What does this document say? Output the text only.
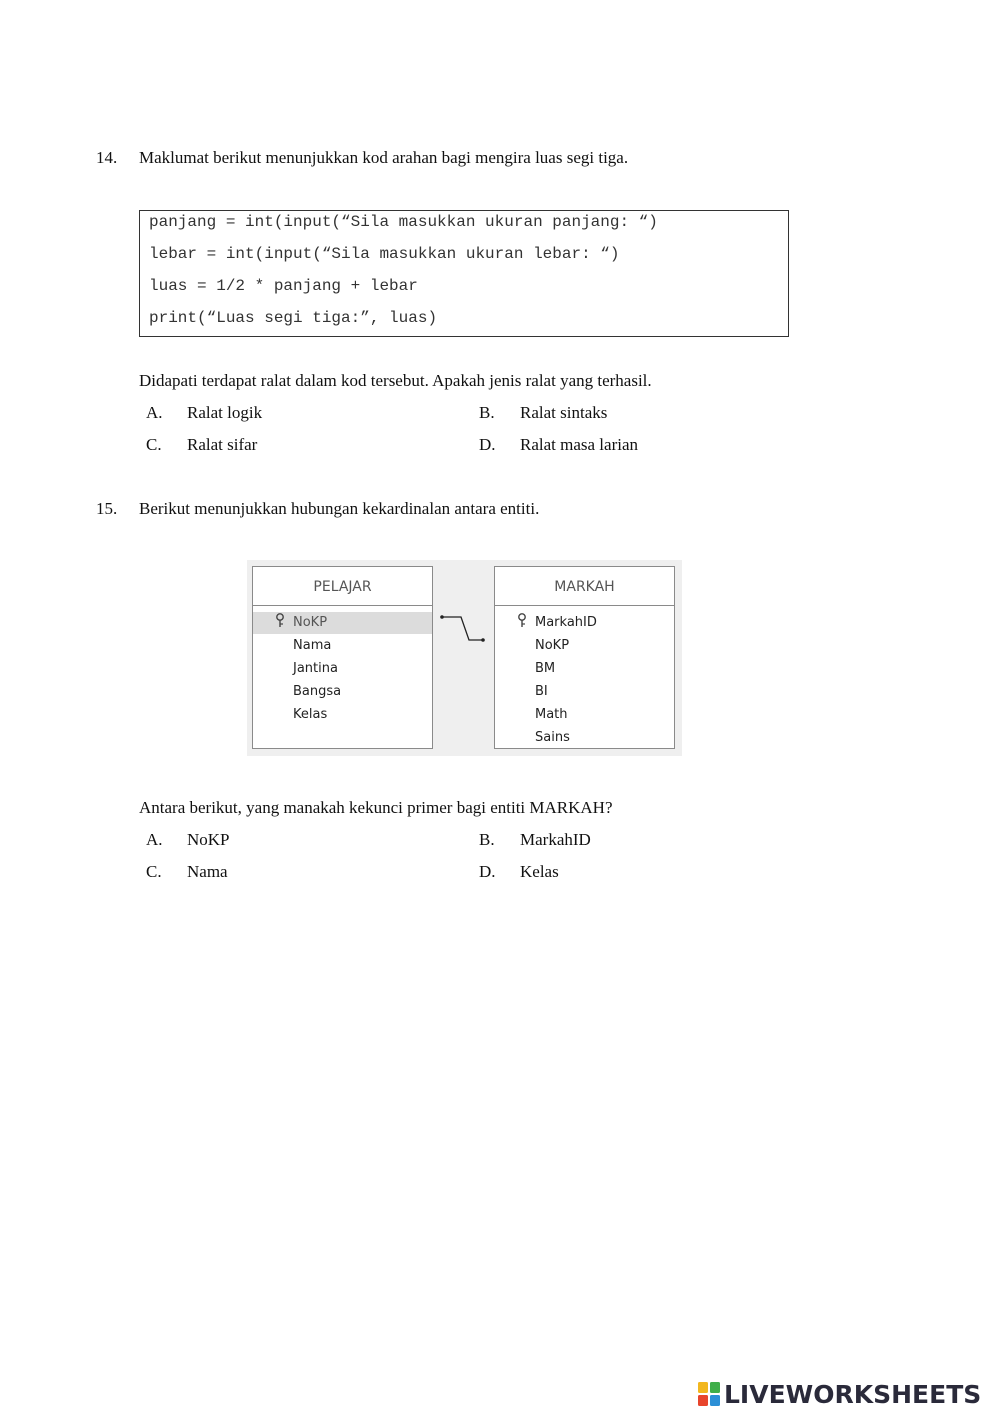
14. Maklumat berikut menunjukkan kod arahan bagi mengira luas segi tiga.
panjang = int(input(“Sila masukkan ukuran panjang: “)
lebar = int(input(“Sila masukkan ukuran lebar: “)
luas = 1/2 * panjang + lebar
print(“Luas segi tiga:”, luas)
Didapati terdapat ralat dalam kod tersebut. Apakah jenis ralat yang terhasil.
A. Ralat logik	B. Ralat sintaks
C. Ralat sifar	D. Ralat masa larian
15. Berikut menunjukkan hubungan kekardinalan antara entiti.
PELAJAR
NoKP
Nama
Jantina
Bangsa
Kelas
MARKAH
MarkahID
NoKP
BM
BI
Math
Sains
Antara berikut, yang manakah kekunci primer bagi entiti MARKAH?
A. NoKP	B. MarkahID
C. Nama	D. Kelas
LIVEWORKSHEETS
